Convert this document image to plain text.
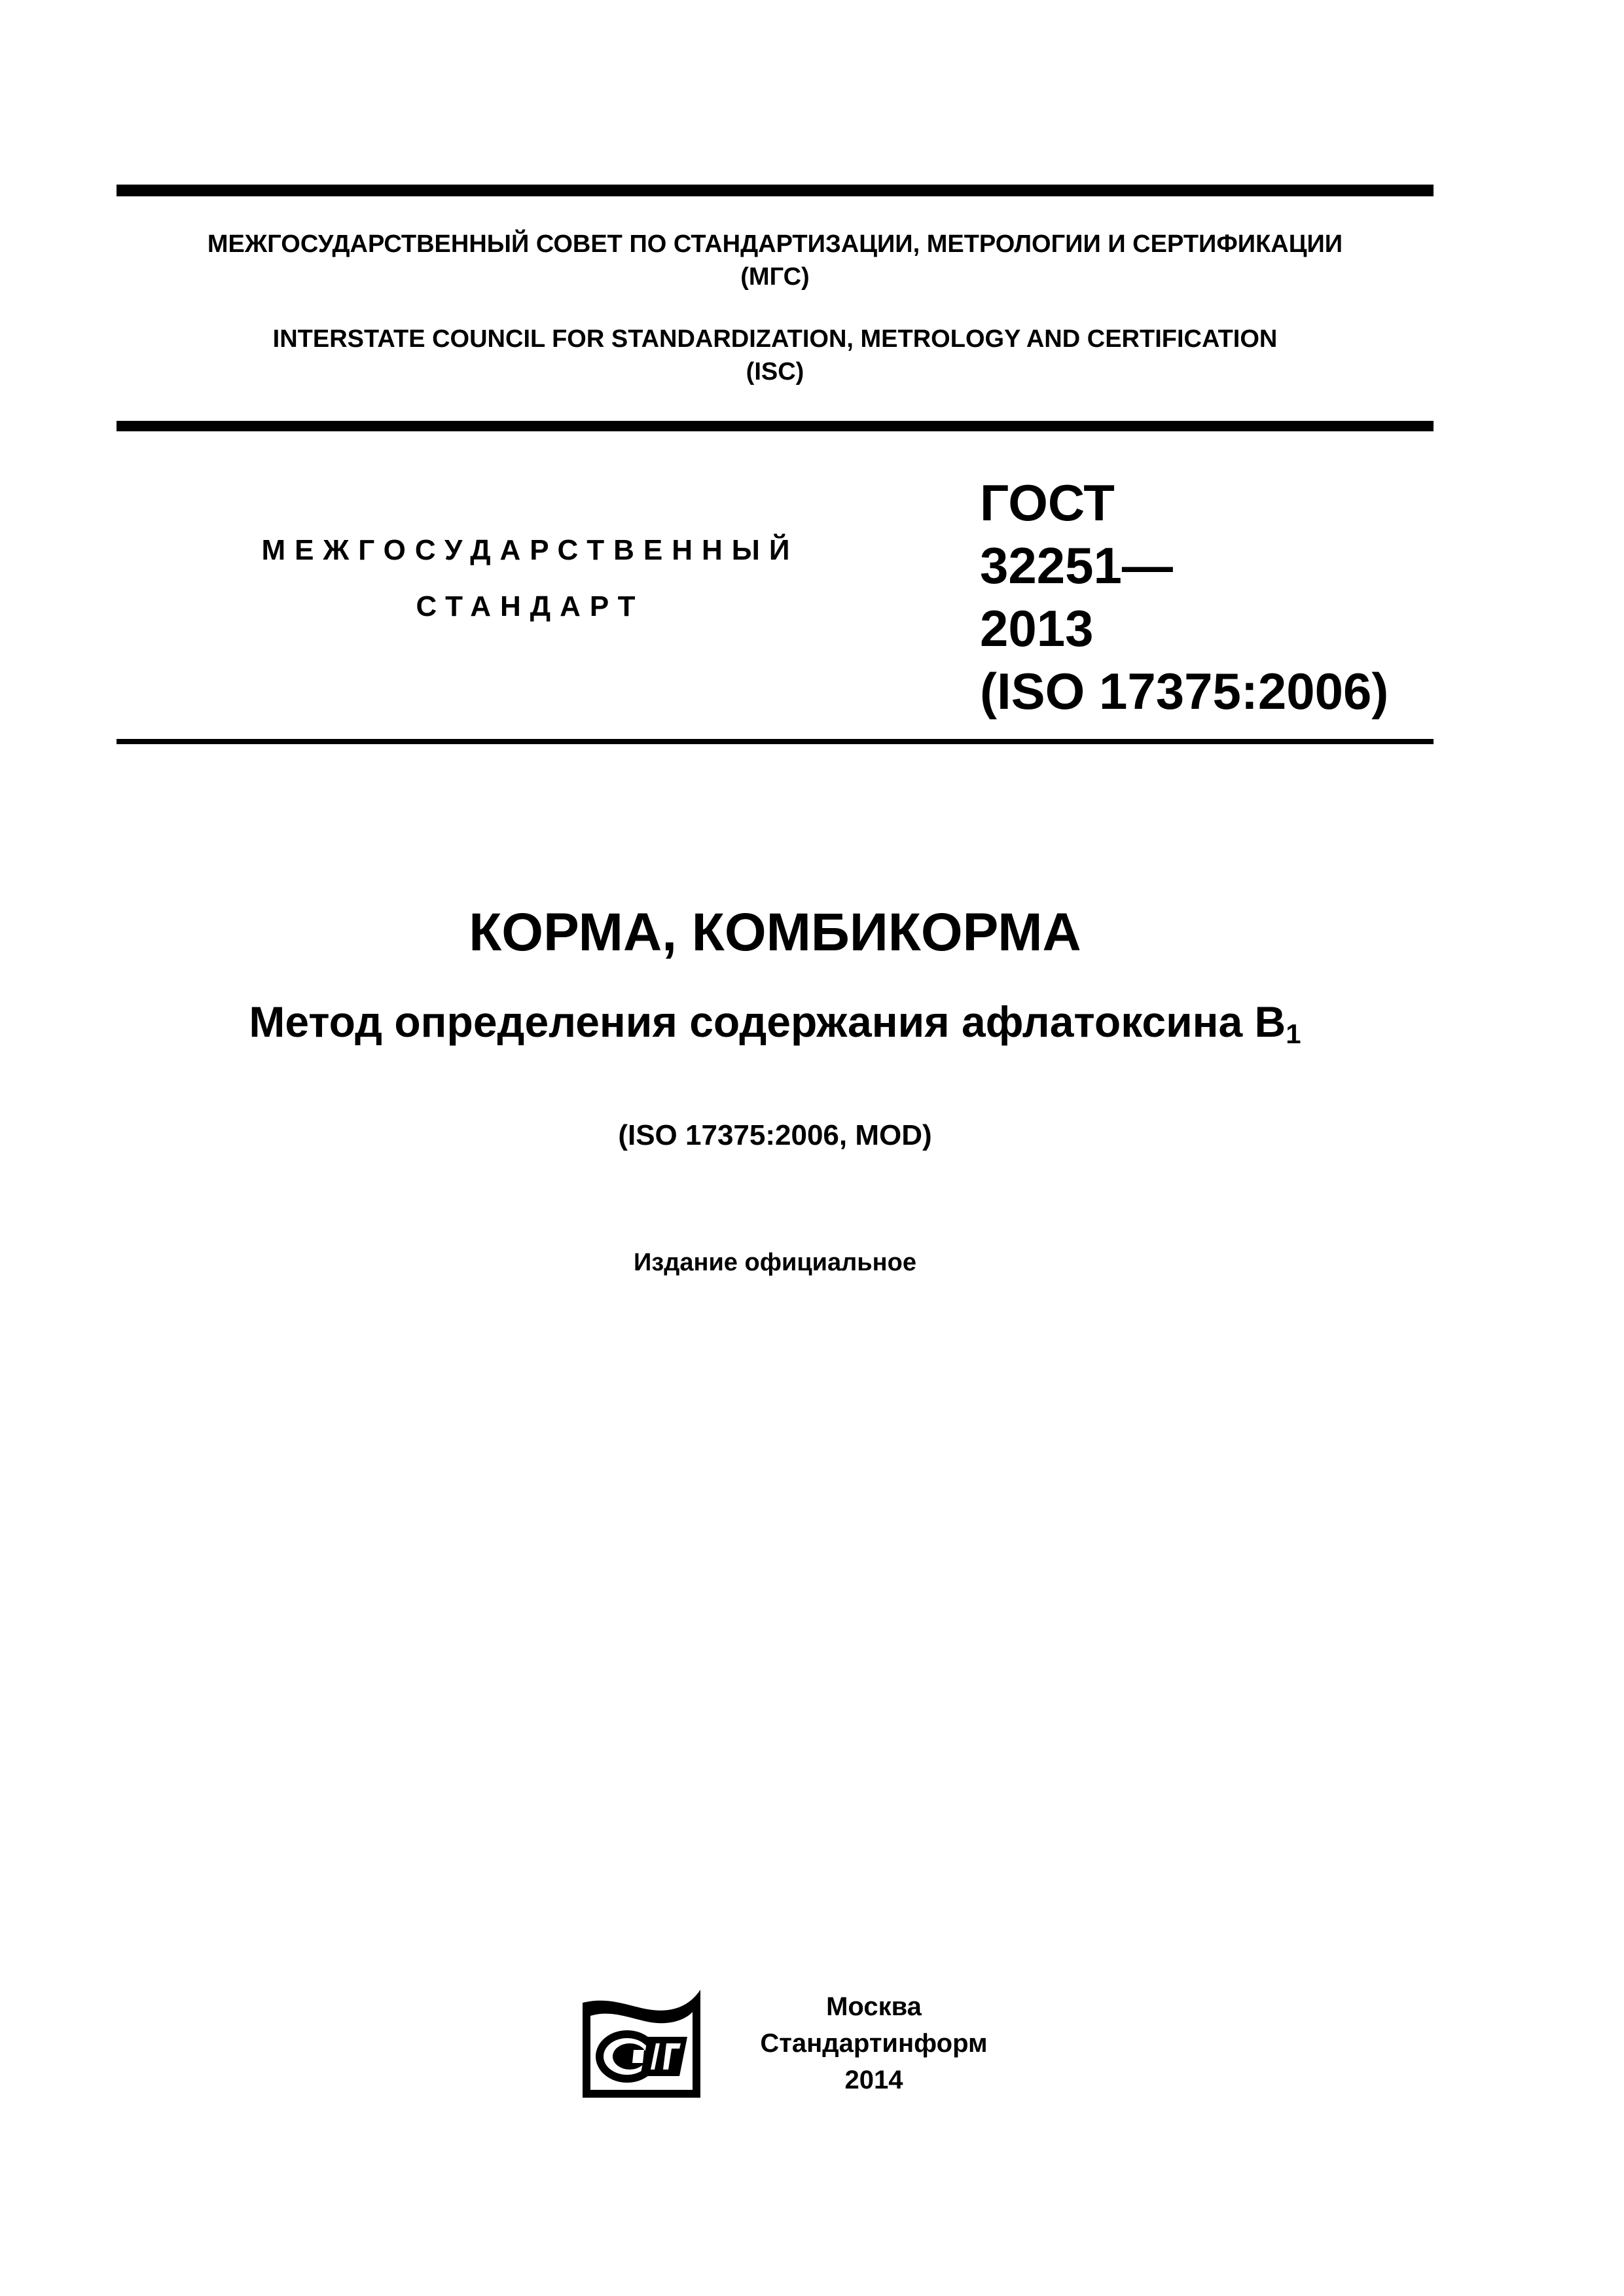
МЕЖГОСУДАРСТВЕННЫЙ СОВЕТ ПО СТАНДАРТИЗАЦИИ, МЕТРОЛОГИИ И СЕРТИФИКАЦИИ
(МГС)
INTERSTATE COUNCIL FOR STANDARDIZATION, METROLOGY AND CERTIFICATION
(ISC)
МЕЖГОСУДАРСТВЕННЫЙ
СТАНДАРТ
ГОСТ
32251—
2013
(ISO 17375:2006)
КОРМА, КОМБИКОРМА
Метод определения содержания афлатоксина $B_1$
(ISO 17375:2006, MOD)
Издание официальное
Москва
Стандартинформ
2014
